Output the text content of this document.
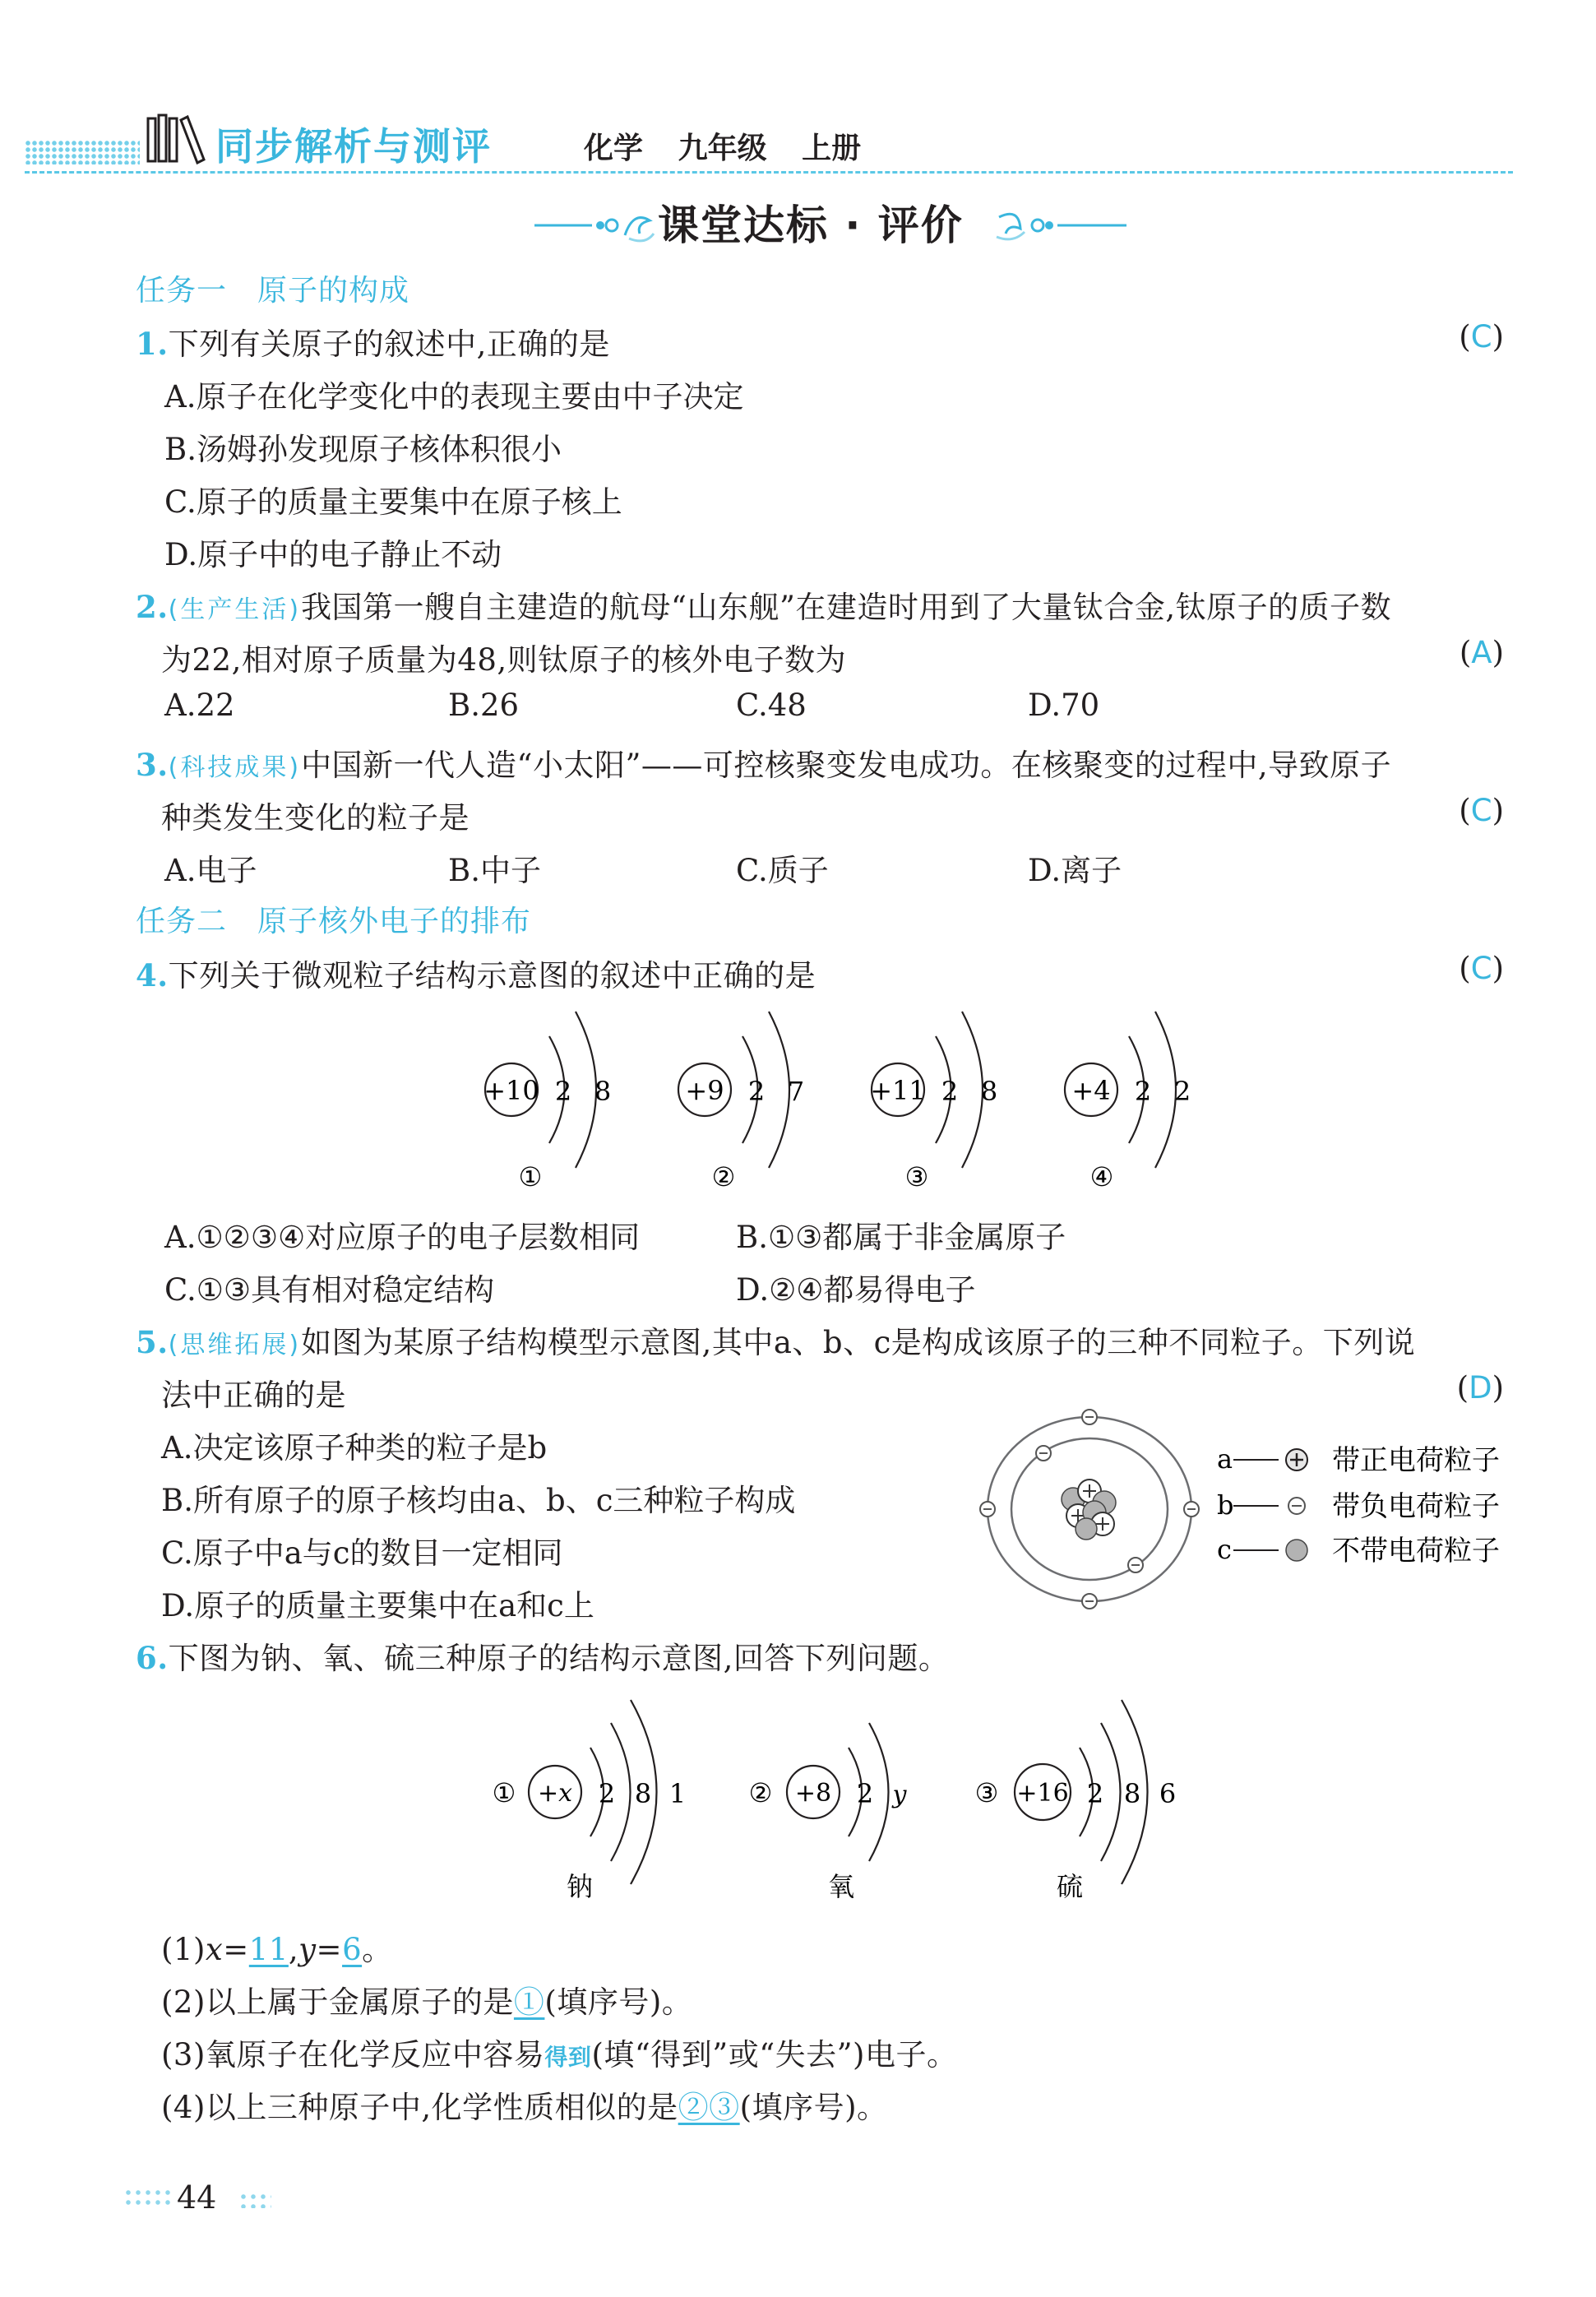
同步解析与测评	化学 九年级 上册
课堂达标 · 评价
任务一　原子的构成
1.下列有关原子的叙述中,正确的是	(C)
A.原子在化学变化中的表现主要由中子决定
B.汤姆孙发现原子核体积很小
C.原子的质量主要集中在原子核上
D.原子中的电子静止不动
2.(生产生活)我国第一艘自主建造的航母“山东舰”在建造时用到了大量钛合金,钛原子的质子数
为22,相对原子质量为48,则钛原子的核外电子数为	(A)
A.22	B.26	C.48	D.70
3.(科技成果)中国新一代人造“小太阳”——可控核聚变发电成功。在核聚变的过程中,导致原子
种类发生变化的粒子是	(C)
A.电子	B.中子	C.质子	D.离子
任务二　原子核外电子的排布
4.下列关于微观粒子结构示意图的叙述中正确的是	(C)
+10 2 8
①
+9 2 7
②
+11 2 8
③
+4 2 2
④
A.①②③④对应原子的电子层数相同	B.①③都属于非金属原子
C.①③具有相对稳定结构	D.②④都易得电子
5.(思维拓展)如图为某原子结构模型示意图,其中a、b、c是构成该原子的三种不同粒子。下列说
法中正确的是	(D)
A.决定该原子种类的粒子是b
B.所有原子的原子核均由a、b、c三种粒子构成
C.原子中a与c的数目一定相同
D.原子的质量主要集中在a和c上
a	带正电荷粒子
b	带负电荷粒子
c	不带电荷粒子
6.下图为钠、氧、硫三种原子的结构示意图,回答下列问题。
① +x 2 8 1
钠
② +8 2 y
氧
③ +16 2 8 6
硫
(1)x=11,y=6。
(2)以上属于金属原子的是①(填序号)。
(3)氧原子在化学反应中容易得到(填“得到”或“失去”)电子。
(4)以上三种原子中,化学性质相似的是②③(填序号)。
44
